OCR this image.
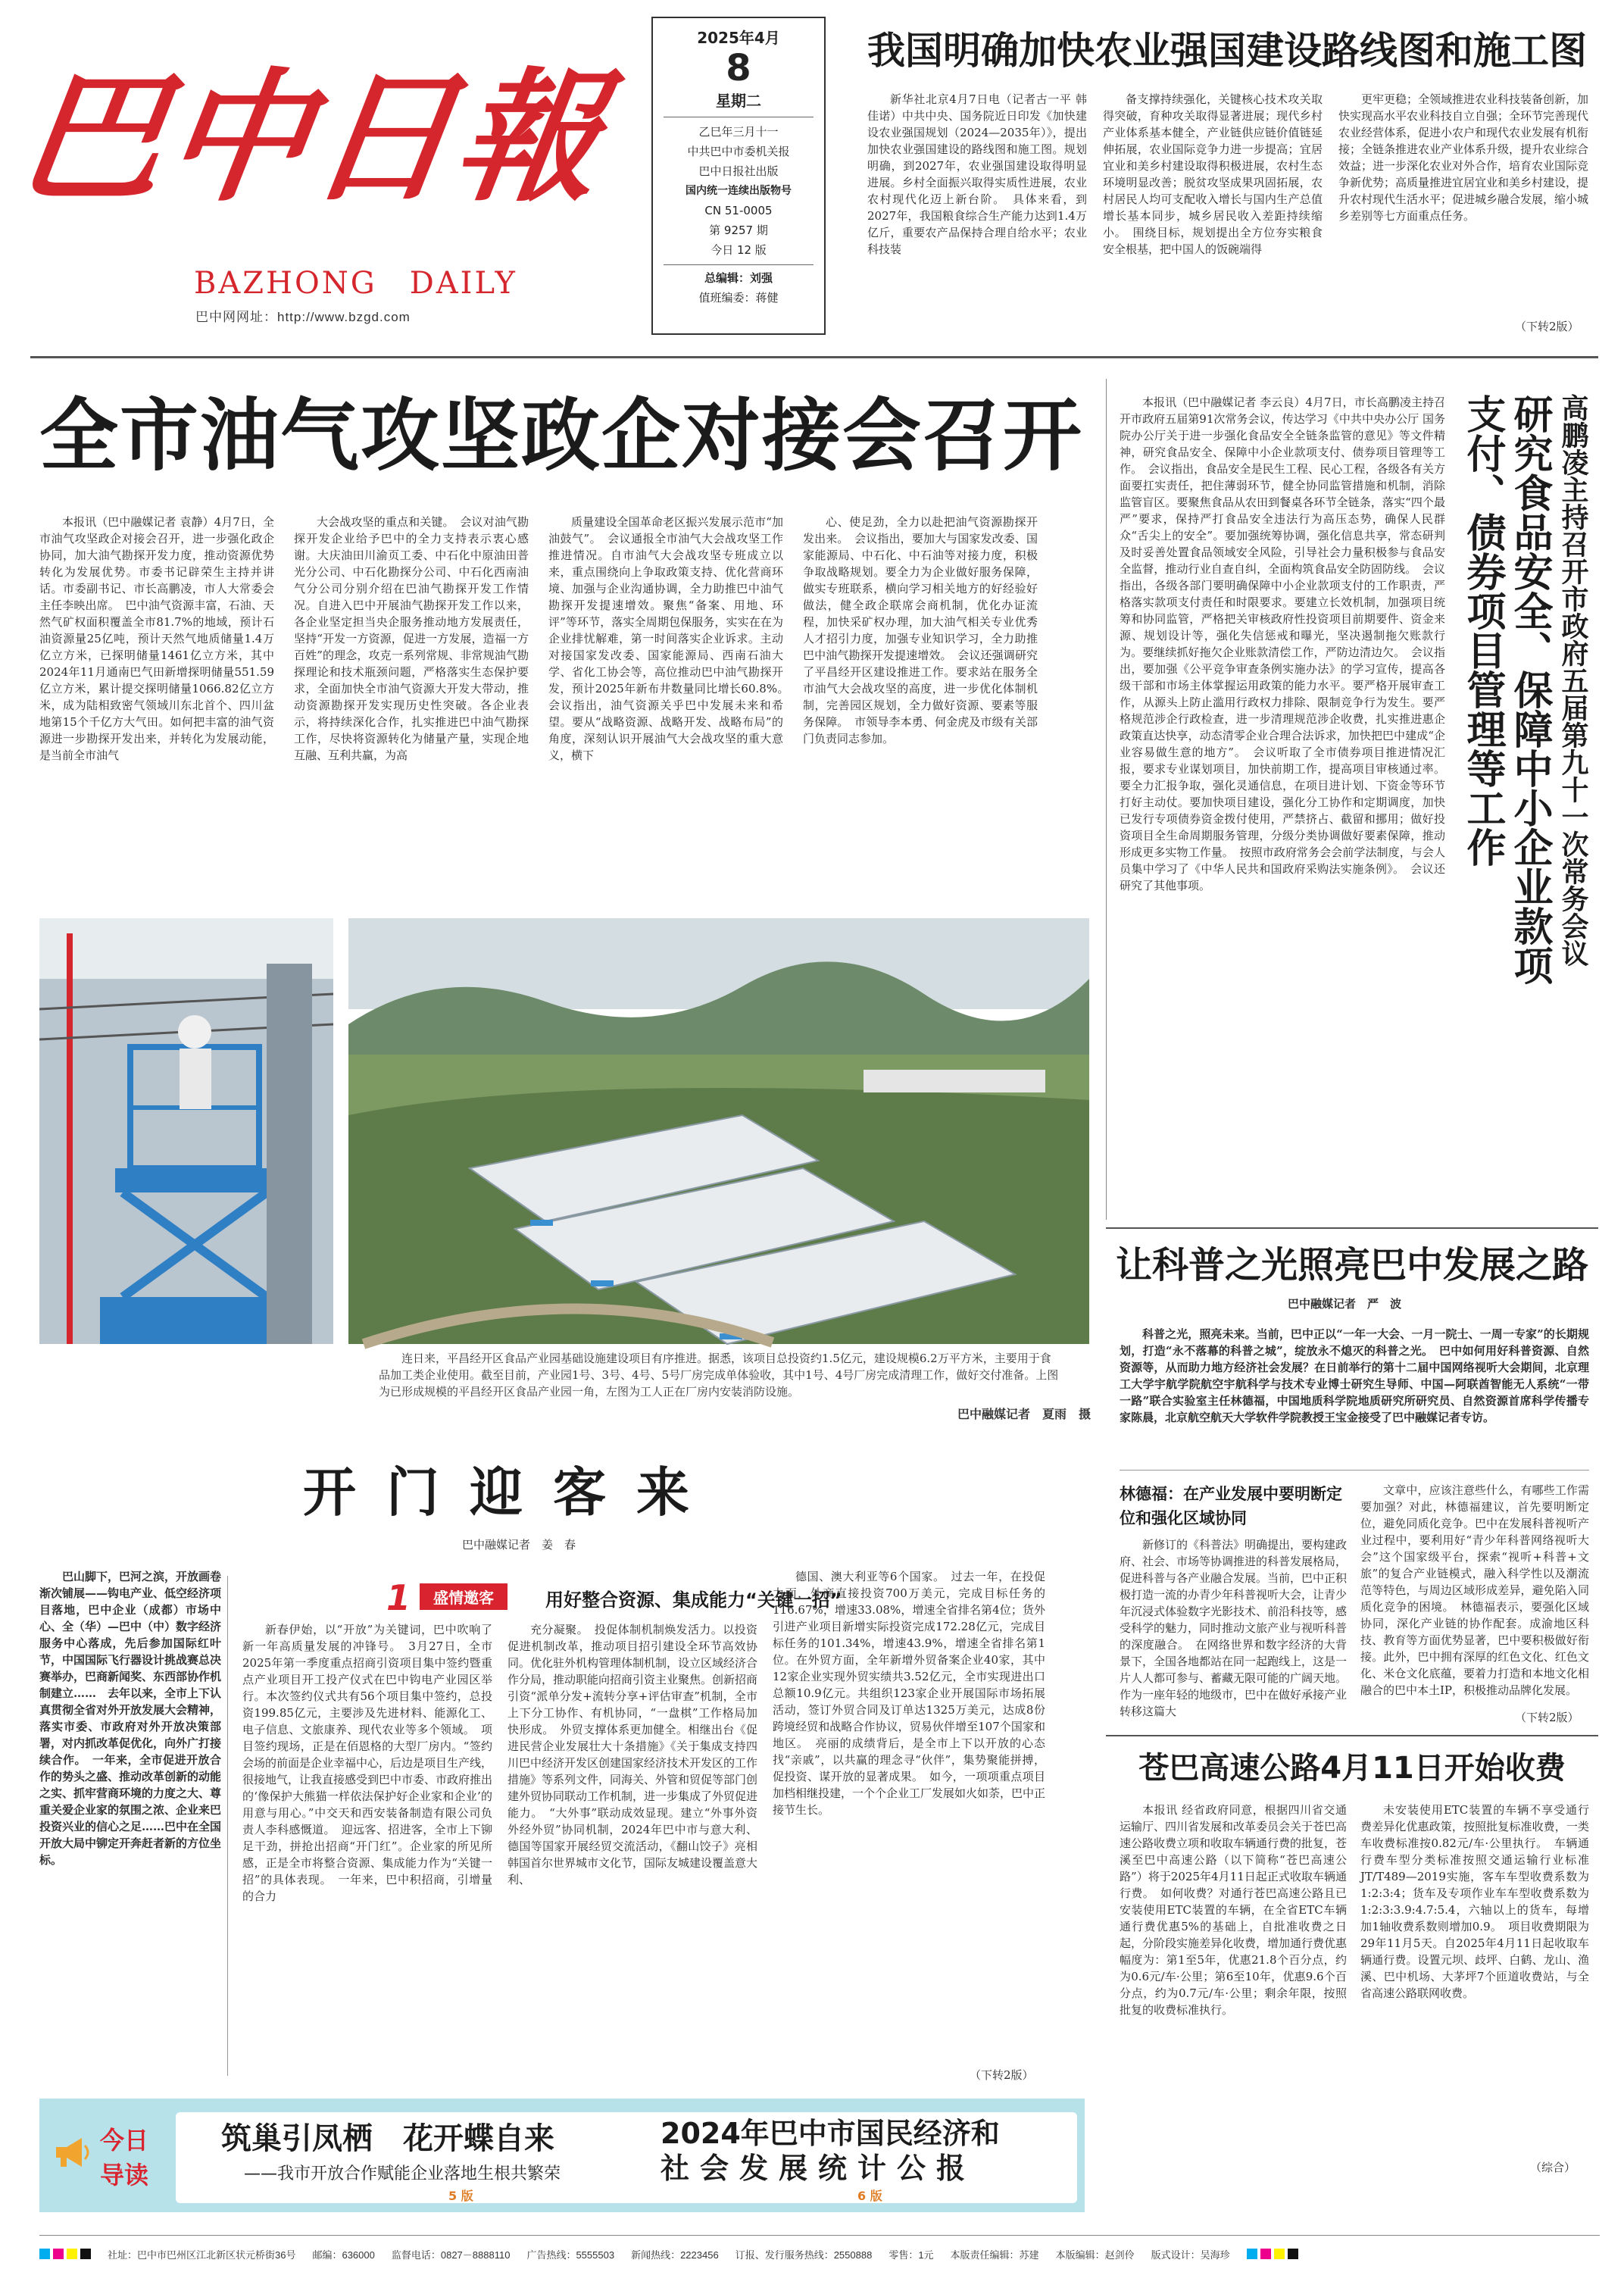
巴中日報
BAZHONG　DAILY
巴中网网址：http://www.bzgd.com
2025年4月
8
星期二
乙巳年三月十一
中共巴中市委机关报
巴中日报社出版
国内统一连续出版物号
CN 51-0005
第 9257 期
今日 12 版
总编辑：刘强
值班编委：蒋健
我国明确加快农业强国建设路线图和施工图
新华社北京4月7日电（记者古一平 韩佳诺）中共中央、国务院近日印发《加快建设农业强国规划（2024—2035年）》，提出加快农业强国建设的路线图和施工图。规划明确，到2027年，农业强国建设取得明显进展。乡村全面振兴取得实质性进展，农业农村现代化迈上新台阶。　具体来看，到2027年，我国粮食综合生产能力达到1.4万亿斤，重要农产品保持合理自给水平；农业科技装
备支撑持续强化，关键核心技术攻关取得突破，育种攻关取得显著进展；现代乡村产业体系基本健全，产业链供应链价值链延伸拓展，农业国际竞争力进一步提高；宜居宜业和美乡村建设取得积极进展，农村生态环境明显改善；脱贫攻坚成果巩固拓展，农村居民人均可支配收入增长与国内生产总值增长基本同步，城乡居民收入差距持续缩小。　围绕目标，规划提出全方位夯实粮食安全根基，把中国人的饭碗端得
更牢更稳；全领域推进农业科技装备创新，加快实现高水平农业科技自立自强；全环节完善现代农业经营体系，促进小农户和现代农业发展有机衔接；全链条推进农业产业体系升级，提升农业综合效益；进一步深化农业对外合作，培育农业国际竞争新优势；高质量推进宜居宜业和美乡村建设，提升农村现代生活水平；促进城乡融合发展，缩小城乡差别等七方面重点任务。
（下转2版）
全市油气攻坚政企对接会召开
本报讯（巴中融媒记者 袁静）4月7日，全市油气攻坚政企对接会召开，进一步强化政企协同，加大油气勘探开发力度，推动资源优势转化为发展优势。市委书记辟荣生主持并讲话。市委副书记、市长高鹏凌，市人大常委会主任李映出席。　巴中油气资源丰富，石油、天然气矿权面积覆盖全市81.7%的地域，预计石油资源量25亿吨，预计天然气地质储量1.4万亿立方米，已探明储量1461亿立方米，其中2024年11月通南巴气田新增探明储量551.59亿立方米，累计提交探明储量1066.82亿立方米，成为陆相致密气领域川东北首个、四川盆地第15个千亿方大气田。如何把丰富的油气资源进一步勘探开发出来，并转化为发展动能，是当前全市油气
大会战攻坚的重点和关键。　会议对油气勘探开发企业给予巴中的全力支持表示衷心感谢。大庆油田川渝页工委、中石化中原油田普光分公司、中石化勘探分公司、中石化西南油气分公司分别介绍在巴油气勘探开发工作情况。自进入巴中开展油气勘探开发工作以来，各企业坚定担当央企服务推动地方发展责任，坚持“开发一方资源，促进一方发展，造福一方百姓”的理念，攻克一系列常规、非常规油气勘探理论和技术瓶颈问题，严格落实生态保护要求，全面加快全市油气资源大开发大带动，推动资源勘探开发实现历史性突破。各企业表示，将持续深化合作，扎实推进巴中油气勘探工作，尽快将资源转化为储量产量，实现企地互融、互利共赢，为高
质量建设全国革命老区振兴发展示范市“加油鼓气”。　会议通报全市油气大会战攻坚工作推进情况。自市油气大会战攻坚专班成立以来，重点围绕向上争取政策支持、优化营商环境、加强与企业沟通协调，全力助推巴中油气勘探开发提速增效。聚焦“备案、用地、环评”等环节，落实全周期包保服务，实实在在为企业排忧解难，第一时间落实企业诉求。主动对接国家发改委、国家能源局、西南石油大学、省化工协会等，高位推动巴中油气勘探开发，预计2025年新布井数量同比增长60.8%。　会议指出，油气资源关乎巴中发展未来和希望。要从“战略资源、战略开发、战略布局”的角度，深刻认识开展油气大会战攻坚的重大意义，横下
心、使足劲，全力以赴把油气资源勘探开发出来。　会议指出，要加大与国家发改委、国家能源局、中石化、中石油等对接力度，积极争取战略规划。要全力为企业做好服务保障，做实专班联系，横向学习相关地方的好经验好做法，健全政企联席会商机制，优化办证流程，加快采矿权办理，加大油气相关专业优秀人才招引力度，加强专业知识学习，全力助推巴中油气勘探开发提速增效。　会议还强调研究了平昌经开区建设推进工作。要求站在服务全市油气大会战攻坚的高度，进一步优化体制机制，完善园区规划，全力做好资源、要素等服务保障。　市领导李本勇、何金虎及市级有关部门负责同志参加。
本报讯（巴中融媒记者 李云良）4月7日，市长高鹏凌主持召开市政府五届第91次常务会议，传达学习《中共中央办公厅 国务院办公厅关于进一步强化食品安全全链条监管的意见》等文件精神，研究食品安全、保障中小企业款项支付、债券项目管理等工作。　会议指出，食品安全是民生工程、民心工程，各级各有关方面要扛实责任，把住薄弱环节，健全协同监管措施和机制，消除监管盲区。要聚焦食品从农田到餐桌各环节全链条，落实“四个最严”要求，保持严打食品安全违法行为高压态势，确保人民群众“舌尖上的安全”。要加强统筹协调，强化信息共享，常态研判及时妥善处置食品领域安全风险，引导社会力量积极参与食品安全监督，推动行业自查自纠，全面构筑食品安全防固防线。　会议指出，各级各部门要明确保障中小企业款项支付的工作职责，严格落实款项支付责任和时限要求。要建立长效机制，加强项目统筹和协同监管，严格把关审核政府性投资项目前期要件、资金来源、规划设计等，强化失信惩戒和曝光，坚决遏制拖欠账款行为。要继续抓好拖欠企业账款清偿工作，严防边清边欠。　会议指出，要加强《公平竞争审查条例实施办法》的学习宣传，提高各级干部和市场主体掌握运用政策的能力水平。要严格开展审查工作，从源头上防止滥用行政权力排除、限制竞争行为发生。要严格规范涉企行政检查，进一步清理规范涉企收费，扎实推进惠企政策直达快享，动态清零企业合理合法诉求，加快把巴中建成“企业容易做生意的地方”。　会议听取了全市债券项目推进情况汇报，要求专业谋划项目，加快前期工作，提高项目审核通过率。要全力汇报争取，强化灵通信息，在项目进计划、下资金等环节打好主动仗。要加快项目建设，强化分工协作和定期调度，加快已发行专项债券资金拨付使用，严禁挤占、截留和挪用；做好投资项目全生命周期服务管理，分级分类协调做好要素保障，推动形成更多实物工作量。　按照市政府常务会会前学法制度，与会人员集中学习了《中华人民共和国政府采购法实施条例》。　会议还研究了其他事项。	高鹏凌主持召开市政府五届第九十一次常务会议
研究食品安全、保障中小企业款项支付、债券项目管理等工作
连日来，平昌经开区食品产业园基础设施建设项目有序推进。据悉，该项目总投资约1.5亿元，建设规模6.2万平方米，主要用于食品加工类企业使用。截至目前，产业园1号、3号、4号、5号厂房完成单体验收，其中1号、4号厂房完成清理工作，做好交付准备。上图为已形成规模的平昌经开区食品产业园一角，左图为工人正在厂房内安装消防设施。
巴中融媒记者　夏雨　摄
让科普之光照亮巴中发展之路
巴中融媒记者　严　波
科普之光，照亮未来。当前，巴中正以“一年一大会、一月一院士、一周一专家”的长期规划，打造“永不落幕的科普之城”，绽放永不熄灭的科普之光。　巴中如何用好科普资源、自然资源等，从而助力地方经济社会发展？在日前举行的第十二届中国网络视听大会期间，北京理工大学宇航学院航空宇航科学与技术专业博士研究生导师、中国—阿联酋智能无人系统“一带一路”联合实验室主任林德福，中国地质科学院地质研究所研究员、自然资源首席科学传播专家陈晨，北京航空航天大学软件学院教授王宝金接受了巴中融媒记者专访。
林德福：在产业发展中要明断定位和强化区域协同
新修订的《科普法》明确提出，要构建政府、社会、市场等协调推进的科普发展格局，促进科普与各产业融合发展。当前，巴中正积极打造一流的办青少年科普视听大会，让青少年沉浸式体验数字光影技术、前沿科技等，感受科学的魅力，同时推动文旅产业与视听科普的深度融合。　在网络世界和数字经济的大背景下，全国各地都站在同一起跑线上，这是一片人人都可参与、蓄藏无限可能的广阔天地。作为一座年轻的地级市，巴中在做好承接产业转移这篇大
文章中，应该注意些什么，有哪些工作需要加强？对此，林德福建议，首先要明断定位，避免同质化竞争。巴中在发展科普视听产业过程中，要利用好“青少年科普网络视听大会”这个国家级平台，探索“视听+科普+文旅”的复合产业链模式，融入科学性以及潮流范等特色，与周边区域形成差异，避免陷入同质化竞争的困境。　林德福表示，要强化区域协同，深化产业链的协作配套。成渝地区科技、教育等方面优势显著，巴中要积极做好衔接。此外，巴中拥有深厚的红色文化、红色文化、米仓文化底蕴，要着力打造和本地文化相融合的巴中本土IP，积极推动品牌化发展。
（下转2版）
开门迎客来
巴中融媒记者　姜　春
巴山脚下，巴河之滨，开放画卷渐次铺展——钩电产业、低空经济项目落地，巴中企业（成都）市场中心、全（华）—巴中（中）数字经济服务中心落成，先后参加国际红叶节，中国国际飞行器设计挑战赛总决赛举办，巴商新闻奖、东西部协作机制建立……　去年以来，全市上下认真贯彻全省对外开放发展大会精神，落实市委、市政府对外开放决策部署，对内抓改革促优化，向外广打接续合作。　一年来，全市促进开放合作的势头之盛、推动改革创新的动能之实、抓牢营商环境的力度之大、尊重关爱企业家的氛围之浓、企业来巴投资兴业的信心之足……巴中在全国开放大局中铆定开奔赶者新的方位坐标。
1	盛情邀客	用好整合资源、集成能力“关键一招”
新春伊始，以“开放”为关键词，巴中吹响了新一年高质量发展的冲锋号。　3月27日，全市2025年第一季度重点招商引资项目集中签约暨重点产业项目开工投产仪式在巴中钩电产业园区举行。本次签约仪式共有56个项目集中签约，总投资199.85亿元，主要涉及先进材料、能源化工、电子信息、文旅康养、现代农业等多个领域。　项目签约现场，正是在佰恩格的大型厂房内。“签约会场的前面是企业幸福中心，后边是项目生产线，很接地气，让我直接感受到巴中市委、市政府推出的‘像保护大熊猫一样依法保护好企业家和企业’的用意与用心。”中交天和西安装备制造有限公司负责人李科感慨道。　迎远客、招进客，全市上下铆足干劲，拼抢出招商“开门红”。企业家的所见所感，正是全市将整合资源、集成能力作为“关键一招”的具体表现。　一年来，巴中积招商，引增量的合力
充分凝聚。　投促体制机制焕发活力。以投资促进机制改革，推动项目招引建设全环节高效协同。优化驻外机构管理体制机制，设立区域经济合作分局，推动职能向招商引资主业聚焦。创新招商引资“派单分发+流转分享+评估审查”机制，全市上下分工协作、有机协同，“一盘棋”工作格局加快形成。　外贸支撑体系更加健全。相继出台《促进民营企业发展壮大十条措施》《关于集成支持四川巴中经济开发区创建国家经济技术开发区的工作措施》等系列文件，同海关、外管和贸促等部门创建外贸协同联动工作机制，进一步集成了外贸促进能力。　“大外事”联动成效显现。建立“外事外资外经外贸”协同机制，2024年巴中市与意大利、德国等国家开展经贸交流活动，《翻山饺子》亮相韩国首尔世界城市文化节，国际友城建设覆盖意大利、
德国、澳大利亚等6个国家。　过去一年，在投促力面，外商直接投资700万美元，完成目标任务的116.67%，增速33.08%，增速全省排名第4位；货外引进产业项目新增实际投资完成172.28亿元，完成目标任务的101.34%，增速43.9%，增速全省排名第1位。在外贸方面，全年新增外贸备案企业40家，其中12家企业实现外贸实绩共3.52亿元，全市实现进出口总额10.9亿元。共组织123家企业开展国际市场拓展活动，签订外贸合同及订单达1325万美元，达成8份跨境经贸和战略合作协议，贸易伙伴增至107个国家和地区。　亮丽的成绩背后，是全市上下以开放的心态找“亲戚”，以共赢的理念寻“伙伴”，集势聚能拼搏，促投资、谋开放的显著成果。　如今，一项项重点项目加档相继投建，一个个企业工厂发展如火如荼，巴中正接节生长。
（下转2版）
苍巴高速公路4月11日开始收费
本报讯 经省政府同意，根据四川省交通运输厅、四川省发展和改革委员会关于苍巴高速公路收费立项和收取车辆通行费的批复，苍溪至巴中高速公路（以下简称“苍巴高速公路”）将于2025年4月11日起正式收取车辆通行费。　如何收费？对通行苍巴高速公路且已安装使用ETC装置的车辆，在全省ETC车辆通行费优惠5%的基础上，自批准收费之日起，分阶段实施差异化收费，增加通行费优惠幅度为：第1至5年，优惠21.8个百分点，约为0.6元/车·公里；第6至10年，优惠9.6个百分点，约为0.7元/车·公里；剩余年限，按照批复的收费标准执行。
未安装使用ETC装置的车辆不享受通行费差异化优惠政策，按照批复标准收费，一类车收费标准按0.82元/车·公里执行。　车辆通行费车型分类标准按照交通运输行业标准JT/T489—2019实施，客车车型收费系数为1:2:3:4；货车及专项作业车车型收费系数为1:2:3:3.9:4.7:5.4，六轴以上的货车，每增加1轴收费系数则增加0.9。　项目收费期限为29年11月5天。自2025年4月11日起收取车辆通行费。设置元坝、歧坪、白鹤、龙山、渔溪、巴中机场、大茅坪7个匝道收费站，与全省高速公路联网收费。
（综合）
今日
导读
筑巢引凤栖　花开蝶自来
——我市开放合作赋能企业落地生根共繁荣
5 版
2024年巴中市国民经济和
社会发展统计公报
6 版
社址：巴中市巴州区江北新区状元桥街36号 邮编：636000 监督电话：0827－8888110 广告热线：5555503 新闻热线：2223456 订报、发行服务热线：2550888 零售：1元 本版责任编辑：苏建 本版编辑：赵剑伶 版式设计：吴海珍
